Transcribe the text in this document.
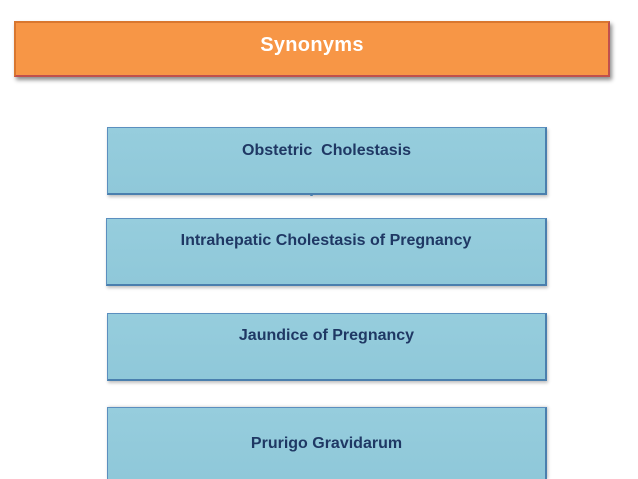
Synonyms
Obstetric  Cholestasis
Intrahepatic Cholestasis of Pregnancy
Jaundice of Pregnancy
Prurigo Gravidarum
